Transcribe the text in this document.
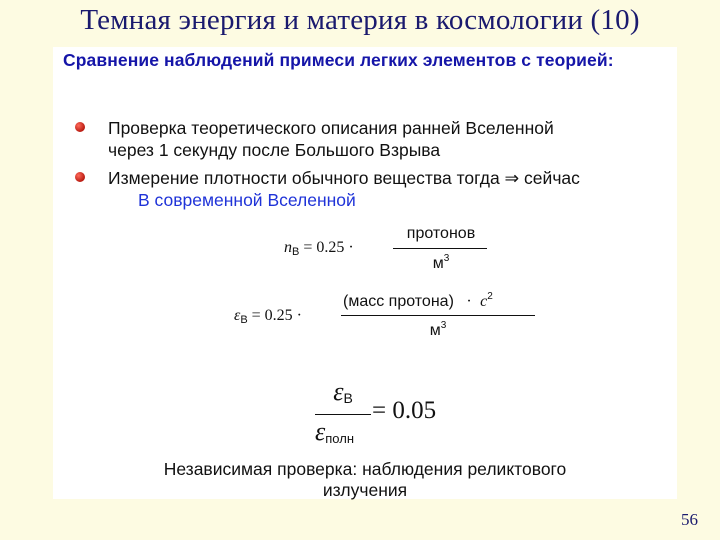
Темная энергия и материя в космологии (10)
Сравнение наблюдений примеси легких элементов с теорией:
Проверка теоретического описания ранней Вселенной
через 1 секунду после Большого Взрыва
Измерение плотности обычного вещества тогда ⇒ сейчас
В современной Вселенной
$n_B = 0.25$ ·
протонов
$м^3$
$\varepsilon_B = 0.25$ ·
(масс протона) · $c^2$
$м^3$
$\varepsilon_B$
$\varepsilon_{полн}$
= 0.05
Независимая проверка: наблюдения реликтового
излучения
56
